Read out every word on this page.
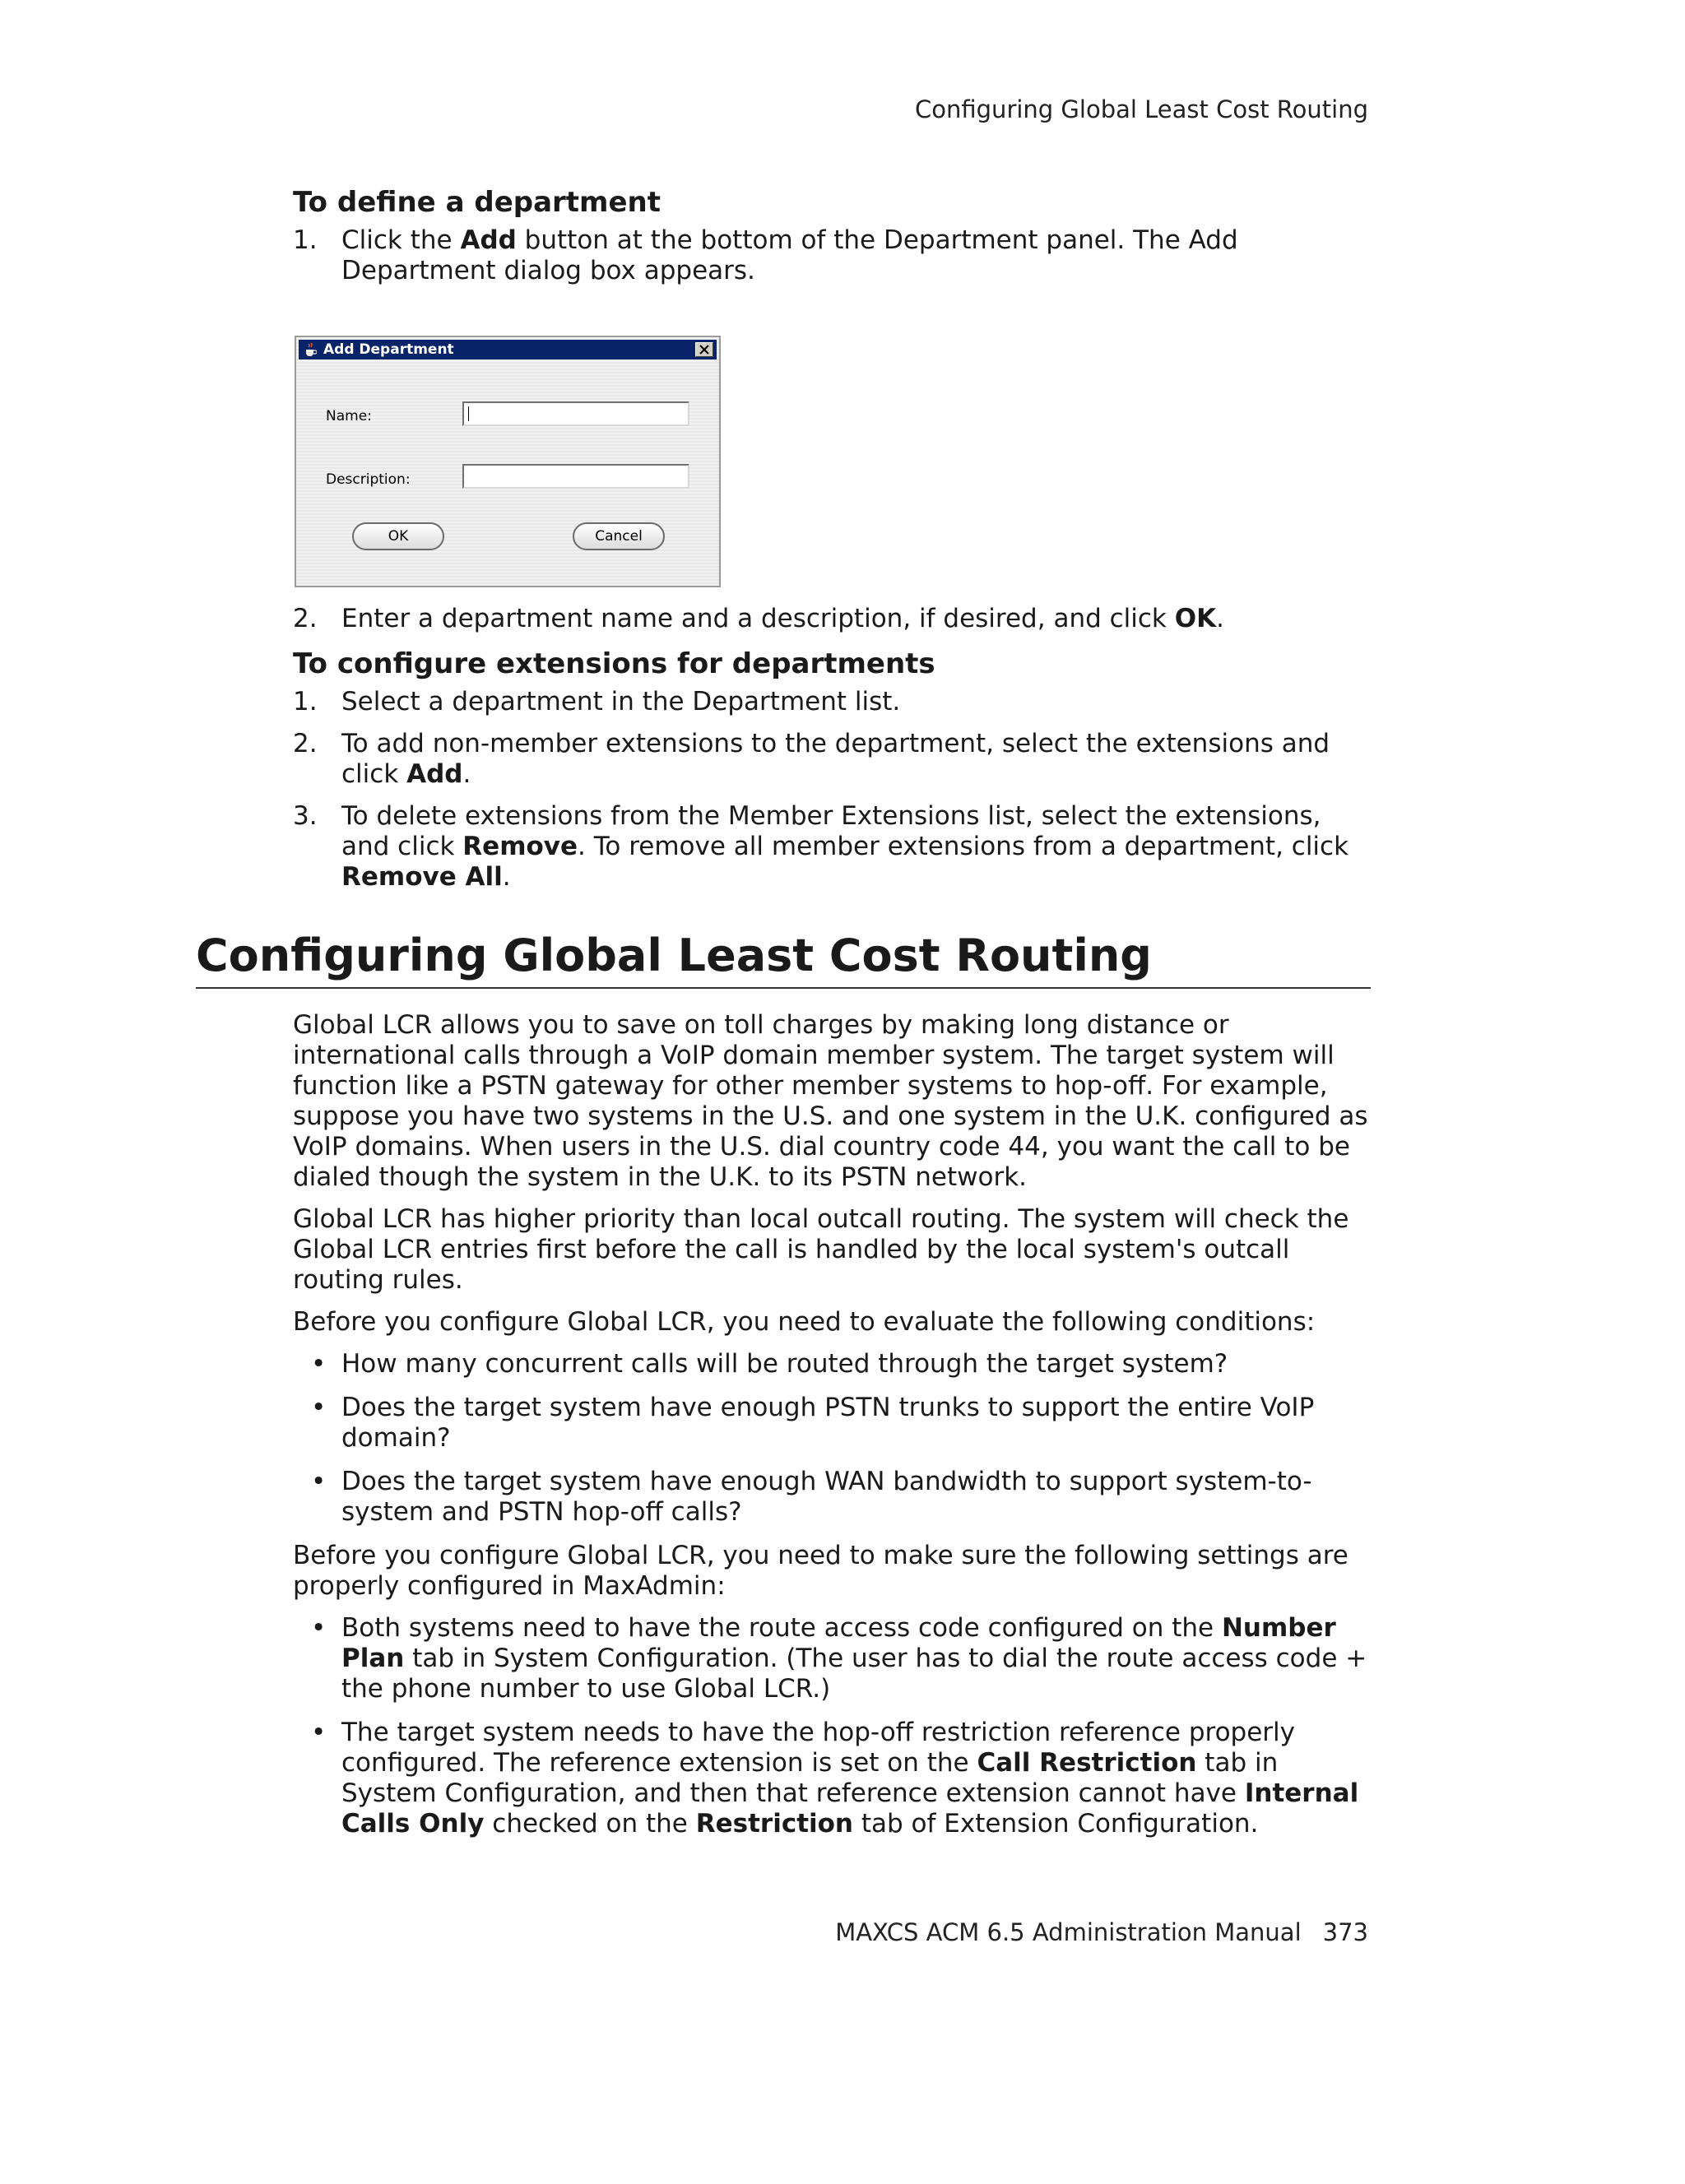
Configuring Global Least Cost Routing
To define a department
1. Click the Add button at the bottom of the Department panel. The Add Department dialog box appears.
Add Department
Name:
Description:
OK	Cancel
2. Enter a department name and a description, if desired, and click OK.
To configure extensions for departments
1. Select a department in the Department list.
2. To add non-member extensions to the department, select the extensions and click Add.
3. To delete extensions from the Member Extensions list, select the extensions, and click Remove. To remove all member extensions from a department, click Remove All.
Configuring Global Least Cost Routing

Global LCR allows you to save on toll charges by making long distance or international calls through a VoIP domain member system. The target system will function like a PSTN gateway for other member systems to hop-off. For example, suppose you have two systems in the U.S. and one system in the U.K. configured as VoIP domains. When users in the U.S. dial country code 44, you want the call to be dialed though the system in the U.K. to its PSTN network.

Global LCR has higher priority than local outcall routing. The system will check the Global LCR entries first before the call is handled by the local system's outcall routing rules.

Before you configure Global LCR, you need to evaluate the following conditions:

• How many concurrent calls will be routed through the target system?
• Does the target system have enough PSTN trunks to support the entire VoIP domain?
• Does the target system have enough WAN bandwidth to support system-to-system and PSTN hop-off calls?

Before you configure Global LCR, you need to make sure the following settings are properly configured in MaxAdmin:

• Both systems need to have the route access code configured on the Number Plan tab in System Configuration. (The user has to dial the route access code + the phone number to use Global LCR.)
• The target system needs to have the hop-off restriction reference properly configured. The reference extension is set on the Call Restriction tab in System Configuration, and then that reference extension cannot have Internal Calls Only checked on the Restriction tab of Extension Configuration.
MAXCS ACM 6.5 Administration Manual 373
